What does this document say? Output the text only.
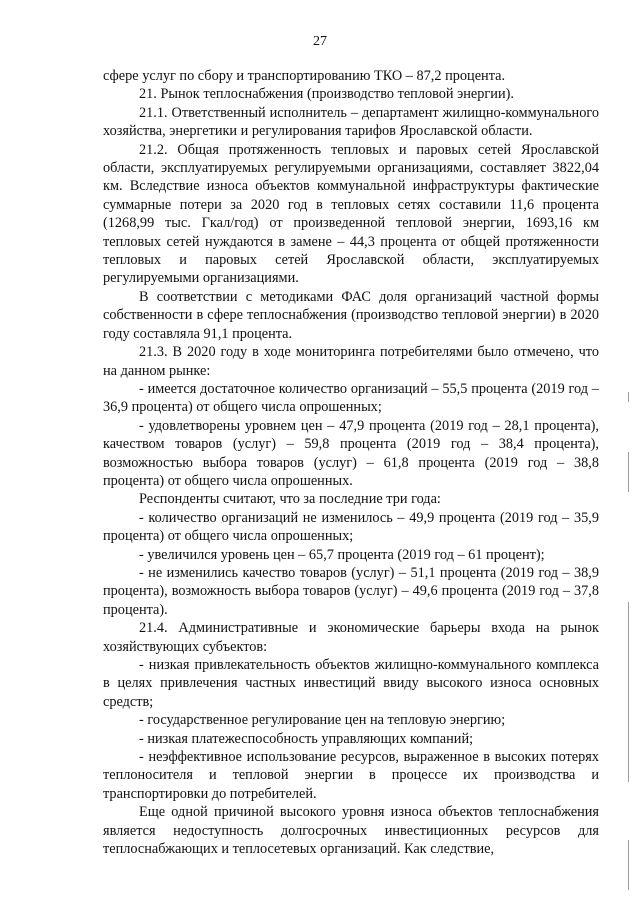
27

сфере услуг по сбору и транспортированию ТКО – 87,2 процента.

21. Рынок теплоснабжения (производство тепловой энергии).

21.1. Ответственный исполнитель – департамент жилищно-коммунального хозяйства, энергетики и регулирования тарифов Ярославской области.

21.2. Общая протяженность тепловых и паровых сетей Ярославской области, эксплуатируемых регулируемыми организациями, составляет 3822,04 км. Вследствие износа объектов коммунальной инфраструктуры фактические суммарные потери за 2020 год в тепловых сетях составили 11,6 процента (1268,99 тыс. Гкал/год) от произведенной тепловой энергии, 1693,16 км тепловых сетей нуждаются в замене – 44,3 процента от общей протяженности тепловых и паровых сетей Ярославской области, эксплуатируемых регулируемыми организациями.

В соответствии с методиками ФАС доля организаций частной формы собственности в сфере теплоснабжения (производство тепловой энергии) в 2020 году составляла 91,1 процента.

21.3. В 2020 году в ходе мониторинга потребителями было отмечено, что на данном рынке:

- имеется достаточное количество организаций – 55,5 процента (2019 год – 36,9 процента) от общего числа опрошенных;

- удовлетворены уровнем цен – 47,9 процента (2019 год – 28,1 процента), качеством товаров (услуг) – 59,8 процента (2019 год – 38,4 процента), возможностью выбора товаров (услуг) – 61,8 процента (2019 год – 38,8 процента) от общего числа опрошенных.

Респонденты считают, что за последние три года:

- количество организаций не изменилось – 49,9 процента (2019 год – 35,9 процента) от общего числа опрошенных;

- увеличился уровень цен – 65,7 процента (2019 год – 61 процент);

- не изменились качество товаров (услуг) – 51,1 процента (2019 год – 38,9 процента), возможность выбора товаров (услуг) – 49,6 процента (2019 год – 37,8 процента).

21.4. Административные и экономические барьеры входа на рынок хозяйствующих субъектов:

- низкая привлекательность объектов жилищно-коммунального комплекса в целях привлечения частных инвестиций ввиду высокого износа основных средств;

- государственное регулирование цен на тепловую энергию;

- низкая платежеспособность управляющих компаний;

- неэффективное использование ресурсов, выраженное в высоких потерях теплоносителя и тепловой энергии в процессе их производства и транспортировки до потребителей.

Еще одной причиной высокого уровня износа объектов теплоснабжения является недоступность долгосрочных инвестиционных ресурсов для теплоснабжающих и теплосетевых организаций. Как следствие,
